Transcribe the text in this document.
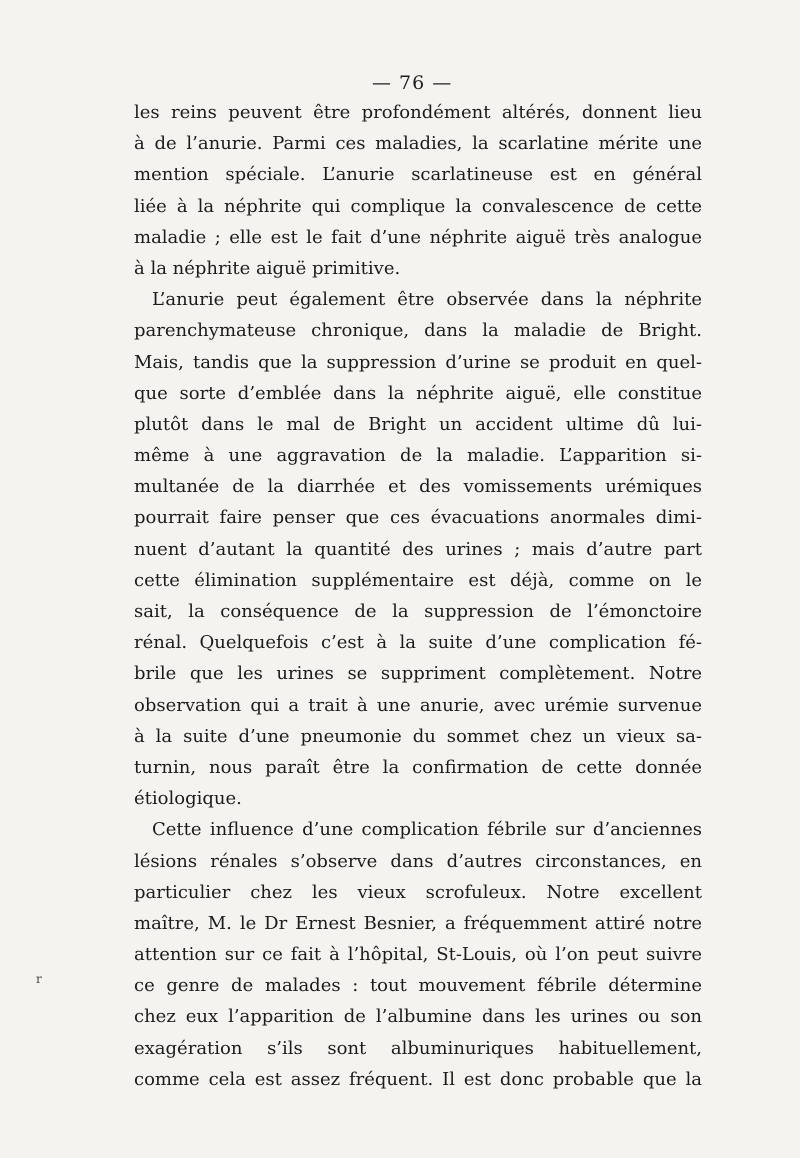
— 76 —
les reins peuvent être profondément altérés, donnent lieu
à de l’anurie. Parmi ces maladies, la scarlatine mérite une
mention spéciale. L’anurie scarlatineuse est en général
liée à la néphrite qui complique la convalescence de cette
maladie ; elle est le fait d’une néphrite aiguë très analogue
à la néphrite aiguë primitive.
L’anurie peut également être observée dans la néphrite
parenchymateuse chronique, dans la maladie de Bright.
Mais, tandis que la suppression d’urine se produit en quel-
que sorte d’emblée dans la néphrite aiguë, elle constitue
plutôt dans le mal de Bright un accident ultime dû lui-
même à une aggravation de la maladie. L’apparition si-
multanée de la diarrhée et des vomissements urémiques
pourrait faire penser que ces évacuations anormales dimi-
nuent d’autant la quantité des urines ; mais d’autre part
cette élimination supplémentaire est déjà, comme on le
sait, la conséquence de la suppression de l’émonctoire
rénal. Quelquefois c’est à la suite d’une complication fé-
brile que les urines se suppriment complètement. Notre
observation qui a trait à une anurie, avec urémie survenue
à la suite d’une pneumonie du sommet chez un vieux sa-
turnin, nous paraît être la confirmation de cette donnée
étiologique.
Cette influence d’une complication fébrile sur d’anciennes
lésions rénales s’observe dans d’autres circonstances, en
particulier chez les vieux scrofuleux. Notre excellent
maître, M. le Dr Ernest Besnier, a fréquemment attiré notre
attention sur ce fait à l’hôpital, St-Louis, où l’on peut suivre
ce genre de malades : tout mouvement fébrile détermine
chez eux l’apparition de l’albumine dans les urines ou son
exagération s’ils sont albuminuriques habituellement,
comme cela est assez fréquent. Il est donc probable que la
r
